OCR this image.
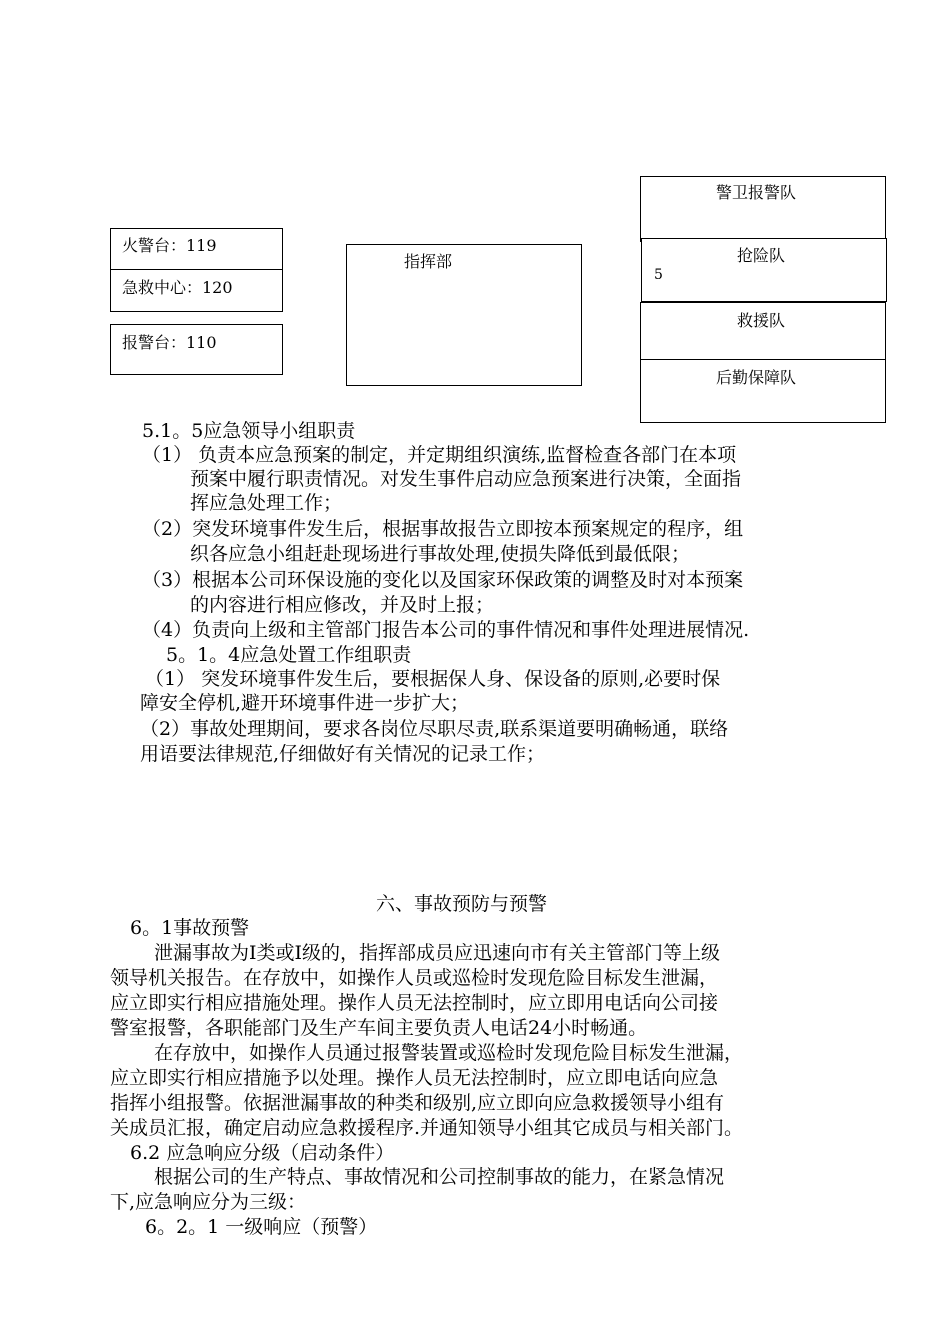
火警台：119
急救中心：120
报警台：110
指挥部
警卫报警队
抢险队
5
救援队
后勤保障队
5.1。5应急领导小组职责
（1） 负责本应急预案的制定，并定期组织演练,监督检查各部门在本项
预案中履行职责情况。对发生事件启动应急预案进行决策，全面指
挥应急处理工作；
（2）突发环境事件发生后，根据事故报告立即按本预案规定的程序，组
织各应急小组赶赴现场进行事故处理,使损失降低到最低限；
（3）根据本公司环保设施的变化以及国家环保政策的调整及时对本预案
的内容进行相应修改，并及时上报；
（4）负责向上级和主管部门报告本公司的事件情况和事件处理进展情况.
5。1。4应急处置工作组职责
（1） 突发环境事件发生后，要根据保人身、保设备的原则,必要时保
障安全停机,避开环境事件进一步扩大；
（2）事故处理期间，要求各岗位尽职尽责,联系渠道要明确畅通，联络
用语要法律规范,仔细做好有关情况的记录工作；
六、事故预防与预警
6。1事故预警
泄漏事故为Ⅰ类或Ⅰ级的，指挥部成员应迅速向市有关主管部门等上级
领导机关报告。在存放中，如操作人员或巡检时发现危险目标发生泄漏，
应立即实行相应措施处理。操作人员无法控制时，应立即用电话向公司接
警室报警，各职能部门及生产车间主要负责人电话24小时畅通。
在存放中，如操作人员通过报警装置或巡检时发现危险目标发生泄漏，
应立即实行相应措施予以处理。操作人员无法控制时，应立即电话向应急
指挥小组报警。依据泄漏事故的种类和级别,应立即向应急救援领导小组有
关成员汇报，确定启动应急救援程序.并通知领导小组其它成员与相关部门。
6.2 应急响应分级（启动条件）
根据公司的生产特点、事故情况和公司控制事故的能力，在紧急情况
下,应急响应分为三级：
6。2。1 一级响应（预警）
